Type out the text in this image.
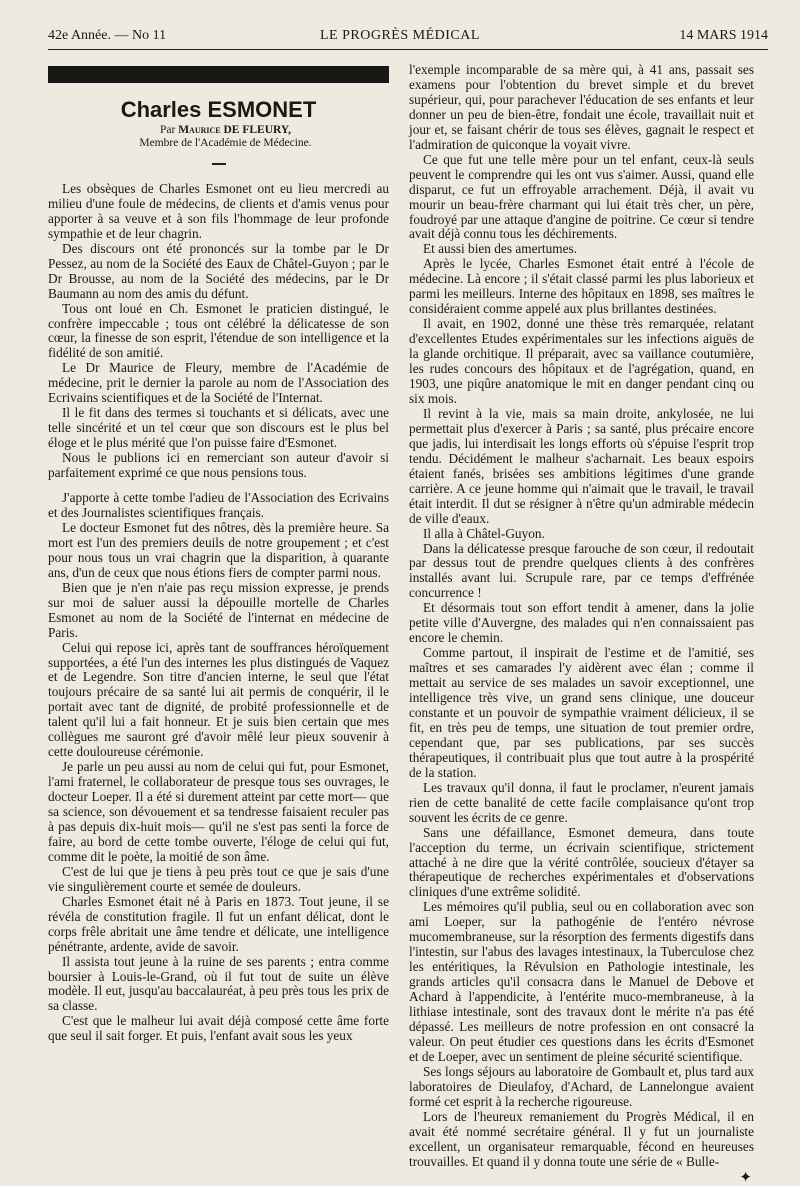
42e Année. — No 11	LE PROGRÈS MÉDICAL	14 MARS 1914
Charles ESMONET

Par Maurice DE FLEURY,

Membre de l'Académie de Médecine.

Les obsèques de Charles Esmonet ont eu lieu mercredi au milieu d'une foule de médecins, de clients et d'amis venus pour apporter à sa veuve et à son fils l'hommage de leur profonde sympathie et de leur chagrin.

Des discours ont été prononcés sur la tombe par le Dr Pessez, au nom de la Société des Eaux de Châtel-Guyon ; par le Dr Brousse, au nom de la Société des médecins, par le Dr Baumann au nom des amis du défunt.

Tous ont loué en Ch. Esmonet le praticien distingué, le confrère impeccable ; tous ont célébré la délicatesse de son cœur, la finesse de son esprit, l'étendue de son intelligence et la fidélité de son amitié.

Le Dr Maurice de Fleury, membre de l'Académie de médecine, prit le dernier la parole au nom de l'Association des Ecrivains scientifiques et de la Société de l'Internat.

Il le fit dans des termes si touchants et si délicats, avec une telle sincérité et un tel cœur que son discours est le plus bel éloge et le plus mérité que l'on puisse faire d'Esmonet.

Nous le publions ici en remerciant son auteur d'avoir si parfaitement exprimé ce que nous pensions tous.

J'apporte à cette tombe l'adieu de l'Association des Ecrivains et des Journalistes scientifiques français.

Le docteur Esmonet fut des nôtres, dès la première heure. Sa mort est l'un des premiers deuils de notre groupement ; et c'est pour nous tous un vrai chagrin que la disparition, à quarante ans, d'un de ceux que nous étions fiers de compter parmi nous.

Bien que je n'en n'aie pas reçu mission expresse, je prends sur moi de saluer aussi la dépouille mortelle de Charles Esmonet au nom de la Société de l'internat en médecine de Paris.

Celui qui repose ici, après tant de souffrances héroïquement supportées, a été l'un des internes les plus distingués de Vaquez et de Legendre. Son titre d'ancien interne, le seul que l'état toujours précaire de sa santé lui ait permis de conquérir, il le portait avec tant de dignité, de probité professionnelle et de talent qu'il lui a fait honneur. Et je suis bien certain que mes collègues me sauront gré d'avoir mêlé leur pieux souvenir à cette douloureuse cérémonie.

Je parle un peu aussi au nom de celui qui fut, pour Esmonet, l'ami fraternel, le collaborateur de presque tous ses ouvrages, le docteur Loeper. Il a été si durement atteint par cette mort— que sa science, son dévouement et sa tendresse faisaient reculer pas à pas depuis dix-huit mois— qu'il ne s'est pas senti la force de faire, au bord de cette tombe ouverte, l'éloge de celui qui fut, comme dit le poète, la moitié de son âme.

C'est de lui que je tiens à peu près tout ce que je sais d'une vie singulièrement courte et semée de douleurs.

Charles Esmonet était né à Paris en 1873. Tout jeune, il se révéla de constitution fragile. Il fut un enfant délicat, dont le corps frêle abritait une âme tendre et délicate, une intelligence pénétrante, ardente, avide de savoir.

Il assista tout jeune à la ruine de ses parents ; entra comme boursier à Louis-le-Grand, où il fut tout de suite un élève modèle. Il eut, jusqu'au baccalauréat, à peu près tous les prix de sa classe.

C'est que le malheur lui avait déjà composé cette âme forte que seul il sait forger. Et puis, l'enfant avait sous les yeux

l'exemple incomparable de sa mère qui, à 41 ans, passait ses examens pour l'obtention du brevet simple et du brevet supérieur, qui, pour parachever l'éducation de ses enfants et leur donner un peu de bien-être, fondait une école, travaillait nuit et jour et, se faisant chérir de tous ses élèves, gagnait le respect et l'admiration de quiconque la voyait vivre.

Ce que fut une telle mère pour un tel enfant, ceux-là seuls peuvent le comprendre qui les ont vus s'aimer. Aussi, quand elle disparut, ce fut un effroyable arrachement. Déjà, il avait vu mourir un beau-frère charmant qui lui était très cher, un père, foudroyé par une attaque d'angine de poitrine. Ce cœur si tendre avait déjà connu tous les déchirements.

Et aussi bien des amertumes.

Après le lycée, Charles Esmonet était entré à l'école de médecine. Là encore ; il s'était classé parmi les plus laborieux et parmi les meilleurs. Interne des hôpitaux en 1898, ses maîtres le considéraient comme appelé aux plus brillantes destinées.

Il avait, en 1902, donné une thèse très remarquée, relatant d'excellentes Etudes expérimentales sur les infections aiguës de la glande orchitique. Il préparait, avec sa vaillance coutumière, les rudes concours des hôpitaux et de l'agrégation, quand, en 1903, une piqûre anatomique le mit en danger pendant cinq ou six mois.

Il revint à la vie, mais sa main droite, ankylosée, ne lui permettait plus d'exercer à Paris ; sa santé, plus précaire encore que jadis, lui interdisait les longs efforts où s'épuise l'esprit trop tendu. Décidément le malheur s'acharnait. Les beaux espoirs étaient fanés, brisées ses ambitions légitimes d'une grande carrière. A ce jeune homme qui n'aimait que le travail, le travail était interdit. Il dut se résigner à n'être qu'un admirable médecin de ville d'eaux.

Il alla à Châtel-Guyon.

Dans la délicatesse presque farouche de son cœur, il redoutait par dessus tout de prendre quelques clients à des confrères installés avant lui. Scrupule rare, par ce temps d'effrénée concurrence !

Et désormais tout son effort tendit à amener, dans la jolie petite ville d'Auvergne, des malades qui n'en connaissaient pas encore le chemin.

Comme partout, il inspirait de l'estime et de l'amitié, ses maîtres et ses camarades l'y aidèrent avec élan ; comme il mettait au service de ses malades un savoir exceptionnel, une intelligence très vive, un grand sens clinique, une douceur constante et un pouvoir de sympathie vraiment délicieux, il se fit, en très peu de temps, une situation de tout premier ordre, cependant que, par ses publications, par ses succès thérapeutiques, il contribuait plus que tout autre à la prospérité de la station.

Les travaux qu'il donna, il faut le proclamer, n'eurent jamais rien de cette banalité de cette facile complaisance qu'ont trop souvent les écrits de ce genre.

Sans une défaillance, Esmonet demeura, dans toute l'acception du terme, un écrivain scientifique, strictement attaché à ne dire que la vérité contrôlée, soucieux d'étayer sa thérapeutique de recherches expérimentales et d'observations cliniques d'une extrême solidité.

Les mémoires qu'il publia, seul ou en collaboration avec son ami Loeper, sur la pathogénie de l'entéro névrose mucomembraneuse, sur la résorption des ferments digestifs dans l'intestin, sur l'abus des lavages intestinaux, la Tuberculose chez les entéritiques, la Révulsion en Pathologie intestinale, les grands articles qu'il consacra dans le Manuel de Debove et Achard à l'appendicite, à l'entérite muco-membraneuse, à la lithiase intestinale, sont des travaux dont le mérite n'a pas été dépassé. Les meilleurs de notre profession en ont consacré la valeur. On peut étudier ces questions dans les écrits d'Esmonet et de Loeper, avec un sentiment de pleine sécurité scientifique.

Ses longs séjours au laboratoire de Gombault et, plus tard aux laboratoires de Dieulafoy, d'Achard, de Lannelongue avaient formé cet esprit à la recherche rigoureuse.

Lors de l'heureux remaniement du Progrès Médical, il en avait été nommé secrétaire général. Il y fut un journaliste excellent, un organisateur remarquable, fécond en heureuses trouvailles. Et quand il y donna toute une série de « Bulle-

✦
